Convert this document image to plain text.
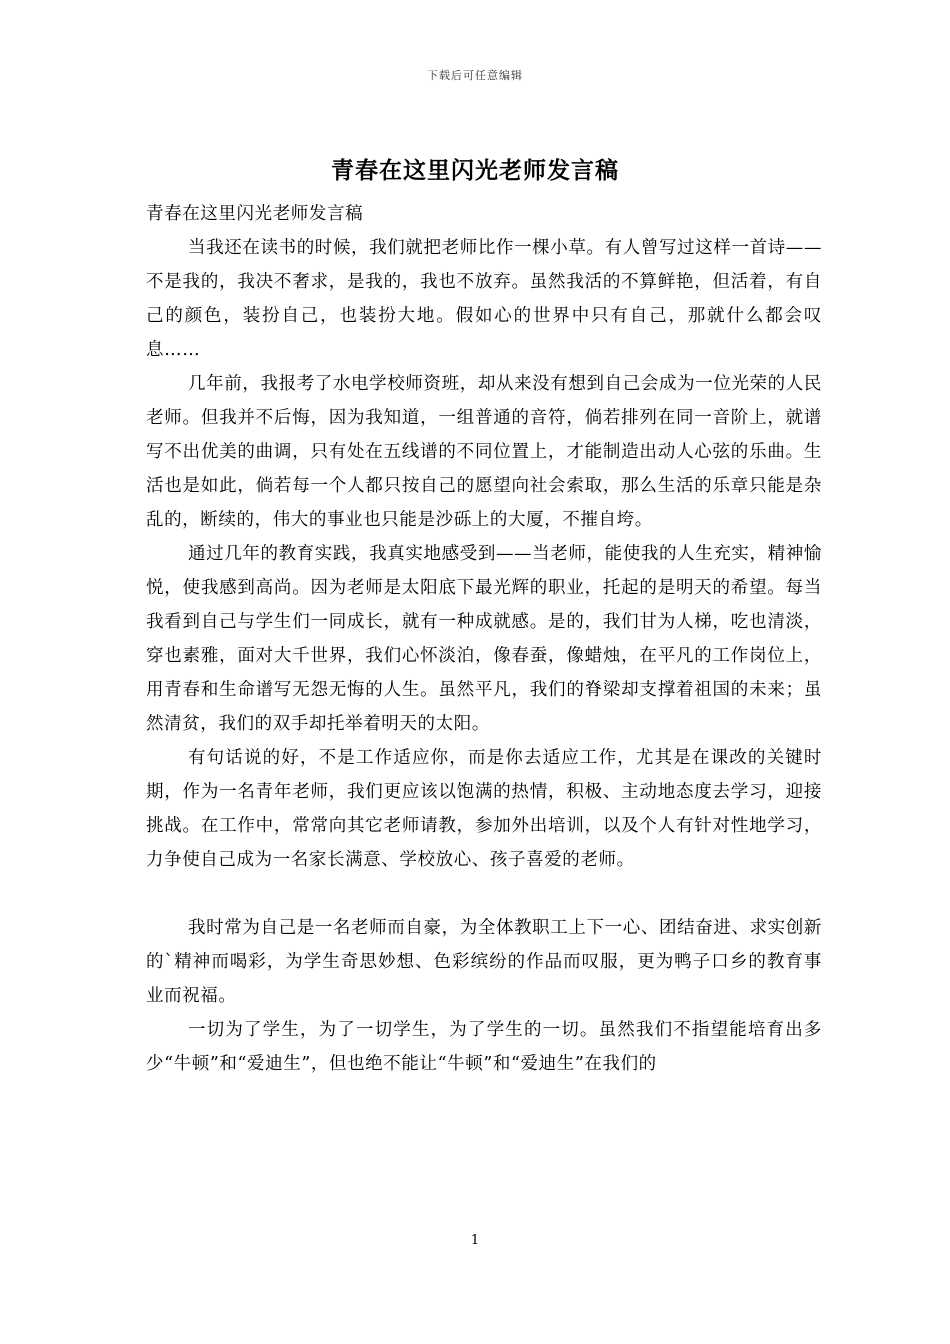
下载后可任意编辑
青春在这里闪光老师发言稿

青春在这里闪光老师发言稿

当我还在读书的时候，我们就把老师比作一棵小草。有人曾写过这样一首诗——不是我的，我决不奢求，是我的，我也不放弃。虽然我活的不算鲜艳，但活着，有自己的颜色，装扮自己，也装扮大地。假如心的世界中只有自己，那就什么都会叹息……

几年前，我报考了水电学校师资班，却从来没有想到自己会成为一位光荣的人民老师。但我并不后悔，因为我知道，一组普通的音符，倘若排列在同一音阶上，就谱写不出优美的曲调，只有处在五线谱的不同位置上，才能制造出动人心弦的乐曲。生活也是如此，倘若每一个人都只按自己的愿望向社会索取，那么生活的乐章只能是杂乱的，断续的，伟大的事业也只能是沙砾上的大厦，不摧自垮。

通过几年的教育实践，我真实地感受到——当老师，能使我的人生充实，精神愉悦，使我感到高尚。因为老师是太阳底下最光辉的职业，托起的是明天的希望。每当我看到自己与学生们一同成长，就有一种成就感。是的，我们甘为人梯，吃也清淡，穿也素雅，面对大千世界，我们心怀淡泊，像春蚕，像蜡烛，在平凡的工作岗位上，用青春和生命谱写无怨无悔的人生。虽然平凡，我们的脊梁却支撑着祖国的未来；虽然清贫，我们的双手却托举着明天的太阳。

有句话说的好，不是工作适应你，而是你去适应工作，尤其是在课改的关键时期，作为一名青年老师，我们更应该以饱满的热情，积极、主动地态度去学习，迎接挑战。在工作中，常常向其它老师请教，参加外出培训，以及个人有针对性地学习，力争使自己成为一名家长满意、学校放心、孩子喜爱的老师。

我时常为自己是一名老师而自豪，为全体教职工上下一心、团结奋进、求实创新的`精神而喝彩，为学生奇思妙想、色彩缤纷的作品而叹服，更为鸭子口乡的教育事业而祝福。

一切为了学生，为了一切学生，为了学生的一切。虽然我们不指望能培育出多少“牛顿”和“爱迪生”，但也绝不能让“牛顿”和“爱迪生”在我们的

1
